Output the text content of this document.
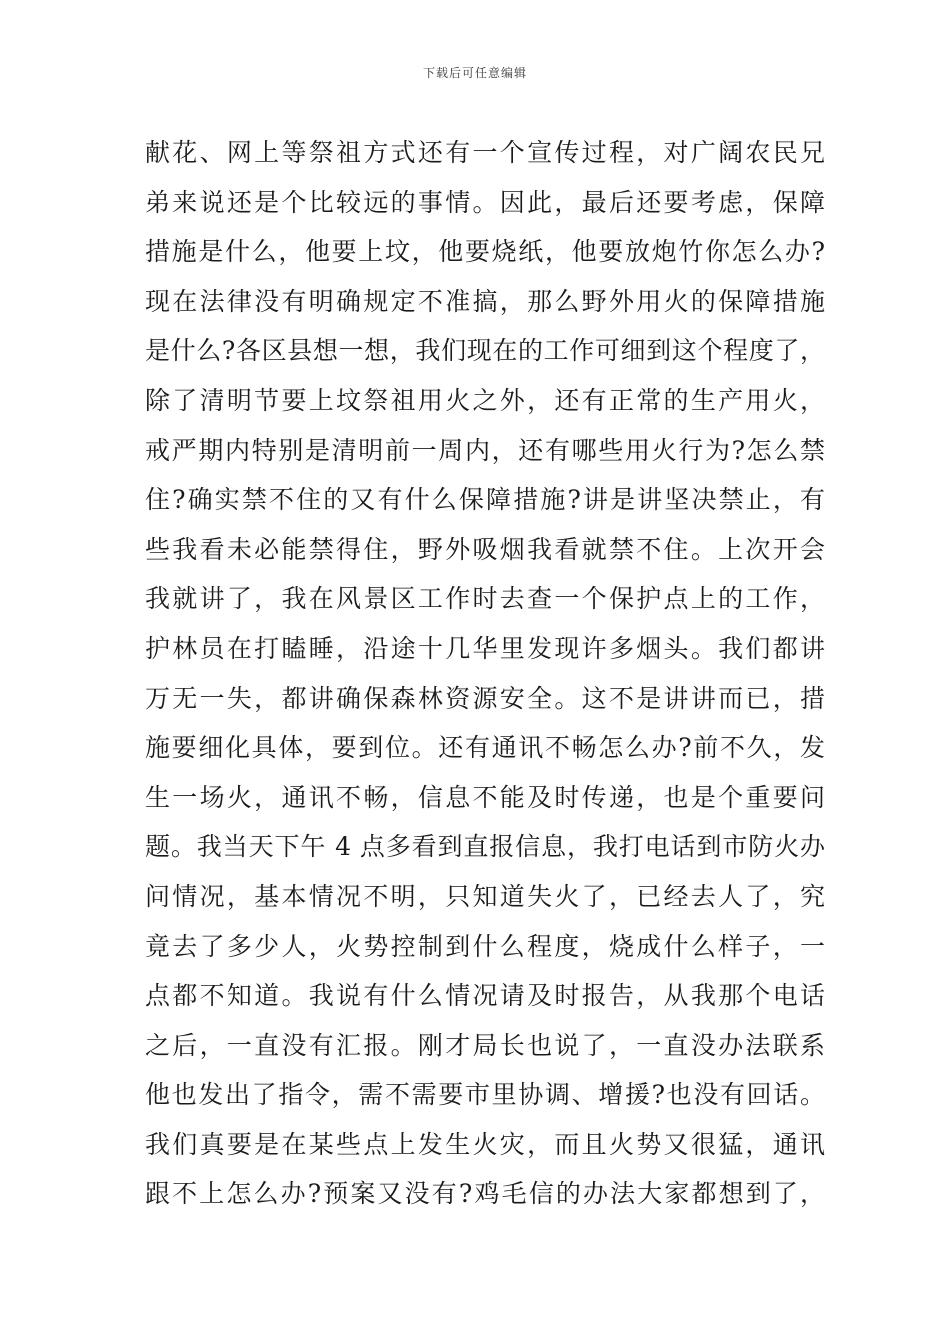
下载后可任意编辑
献花、网上等祭祖方式还有一个宣传过程，对广阔农民兄
弟来说还是个比较远的事情。因此，最后还要考虑，保障
措施是什么，他要上坟，他要烧纸，他要放炮竹你怎么办?
现在法律没有明确规定不准搞，那么野外用火的保障措施
是什么?各区县想一想，我们现在的工作可细到这个程度了，
除了清明节要上坟祭祖用火之外，还有正常的生产用火，
戒严期内特别是清明前一周内，还有哪些用火行为?怎么禁
住?确实禁不住的又有什么保障措施?讲是讲坚决禁止，有
些我看未必能禁得住，野外吸烟我看就禁不住。上次开会
我就讲了，我在风景区工作时去查一个保护点上的工作，
护林员在打瞌睡，沿途十几华里发现许多烟头。我们都讲
万无一失，都讲确保森林资源安全。这不是讲讲而已，措
施要细化具体，要到位。还有通讯不畅怎么办?前不久，发
生一场火，通讯不畅，信息不能及时传递，也是个重要问
题。我当天下午 4 点多看到直报信息，我打电话到市防火办
问情况，基本情况不明，只知道失火了，已经去人了，究
竟去了多少人，火势控制到什么程度，烧成什么样子，一
点都不知道。我说有什么情况请及时报告，从我那个电话
之后，一直没有汇报。刚才局长也说了，一直没办法联系
他也发出了指令，需不需要市里协调、增援?也没有回话。
我们真要是在某些点上发生火灾，而且火势又很猛，通讯
跟不上怎么办?预案又没有?鸡毛信的办法大家都想到了，
